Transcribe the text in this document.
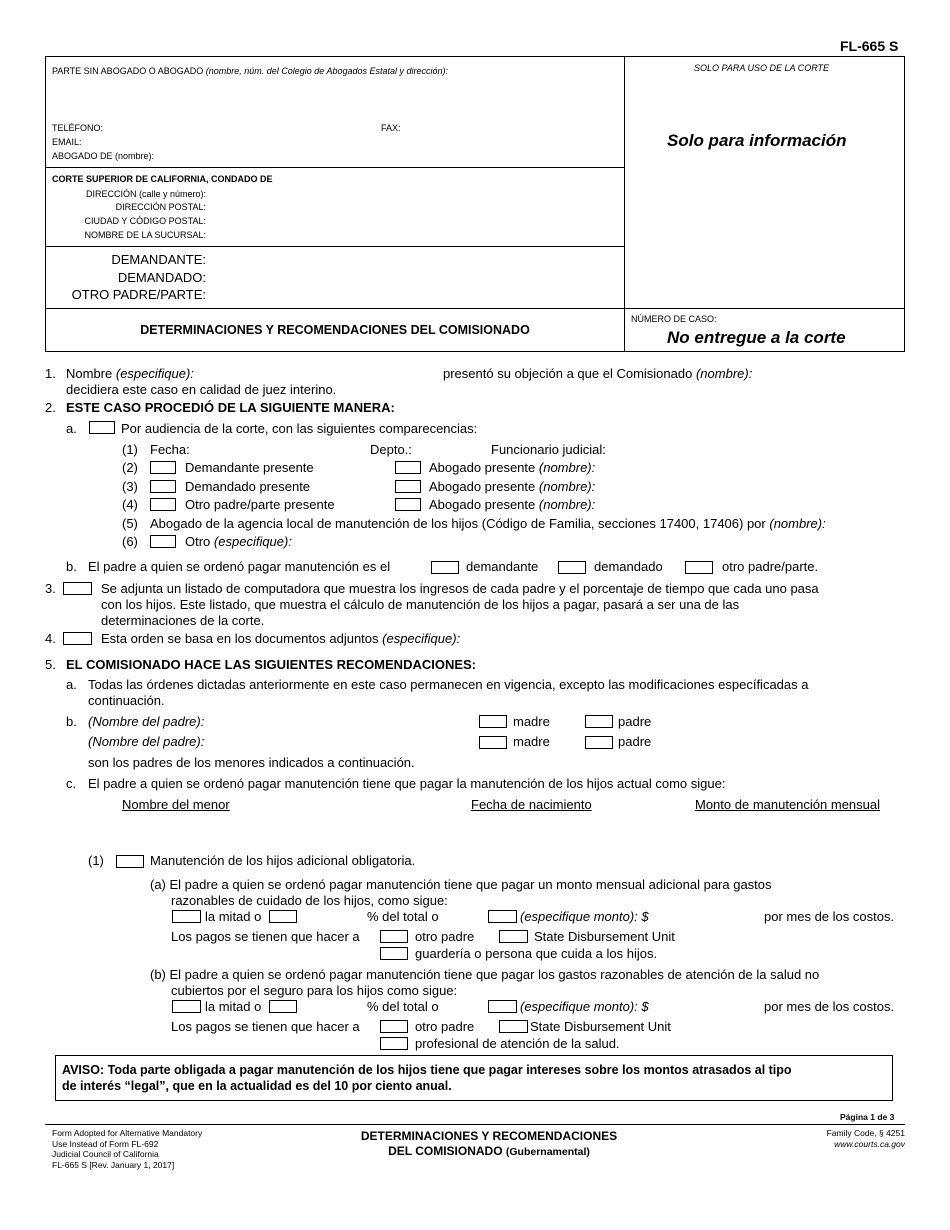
FL-665 S
PARTE SIN ABOGADO O ABOGADO (nombre, núm. del Colegio de Abogados Estatal y dirección):
TELÉFONO:	FAX:
EMAIL:
ABOGADO DE (nombre):
SOLO PARA USO DE LA CORTE
Solo para información
CORTE SUPERIOR DE CALIFORNIA, CONDADO DE
DIRECCIÓN (calle y número):
DIRECCIÓN POSTAL:
CIUDAD Y CÓDIGO POSTAL:
NOMBRE DE LA SUCURSAL:
DEMANDANTE:
DEMANDADO:
OTRO PADRE/PARTE:
DETERMINACIONES Y RECOMENDACIONES DEL COMISIONADO
NÚMERO DE CASO:
No entregue a la corte
1. Nombre (especifique):	presentó su objeción a que el Comisionado (nombre):
decidiera este caso en calidad de juez interino.
2. ESTE CASO PROCEDIÓ DE LA SIGUIENTE MANERA:
a.	Por audiencia de la corte, con las siguientes comparecencias:
(1) Fecha:	Depto.:	Funcionario judicial:
(2)	Demandante presente	Abogado presente (nombre):
(3)	Demandado presente	Abogado presente (nombre):
(4)	Otro padre/parte presente	Abogado presente (nombre):
(5) Abogado de la agencia local de manutención de los hijos (Código de Familia, secciones 17400, 17406) por (nombre):
(6)	Otro (especifique):
b. El padre a quien se ordenó pagar manutención es el	demandante	demandado	otro padre/parte.
3.	Se adjunta un listado de computadora que muestra los ingresos de cada padre y el porcentaje de tiempo que cada uno pasa
con los hijos. Este listado, que muestra el cálculo de manutención de los hijos a pagar, pasará a ser una de las
determinaciones de la corte.
4.	Esta orden se basa en los documentos adjuntos (especifique):
5. EL COMISIONADO HACE LAS SIGUIENTES RECOMENDACIONES:
a. Todas las órdenes dictadas anteriormente en este caso permanecen en vigencia, excepto las modificaciones específicadas a
continuación.
b. (Nombre del padre):	madre	padre
(Nombre del padre):	madre	padre
son los padres de los menores indicados a continuación.
c. El padre a quien se ordenó pagar manutención tiene que pagar la manutención de los hijos actual como sigue:
Nombre del menor	Fecha de nacimiento	Monto de manutención mensual
(1)	Manutención de los hijos adicional obligatoria.
(a) El padre a quien se ordenó pagar manutención tiene que pagar un monto mensual adicional para gastos
razonables de cuidado de los hijos, como sigue:
la mitad o	% del total o	(especifique monto): $	por mes de los costos.
Los pagos se tienen que hacer a	otro padre	State Disbursement Unit
guardería o persona que cuida a los hijos.
(b) El padre a quien se ordenó pagar manutención tiene que pagar los gastos razonables de atención de la salud no
cubiertos por el seguro para los hijos como sigue:
la mitad o	% del total o	(especifique monto): $	por mes de los costos.
Los pagos se tienen que hacer a	otro padre	State Disbursement Unit
profesional de atención de la salud.
AVISO: Toda parte obligada a pagar manutención de los hijos tiene que pagar intereses sobre los montos atrasados al tipo
de interés “legal”, que en la actualidad es del 10 por ciento anual.
Página 1 de 3
Form Adopted for Alternative Mandatory
Use Instead of Form FL-692
Judicial Council of California
FL-665 S [Rev. January 1, 2017]
DETERMINACIONES Y RECOMENDACIONES
DEL COMISIONADO (Gubernamental)
Family Code, § 4251
www.courts.ca.gov
